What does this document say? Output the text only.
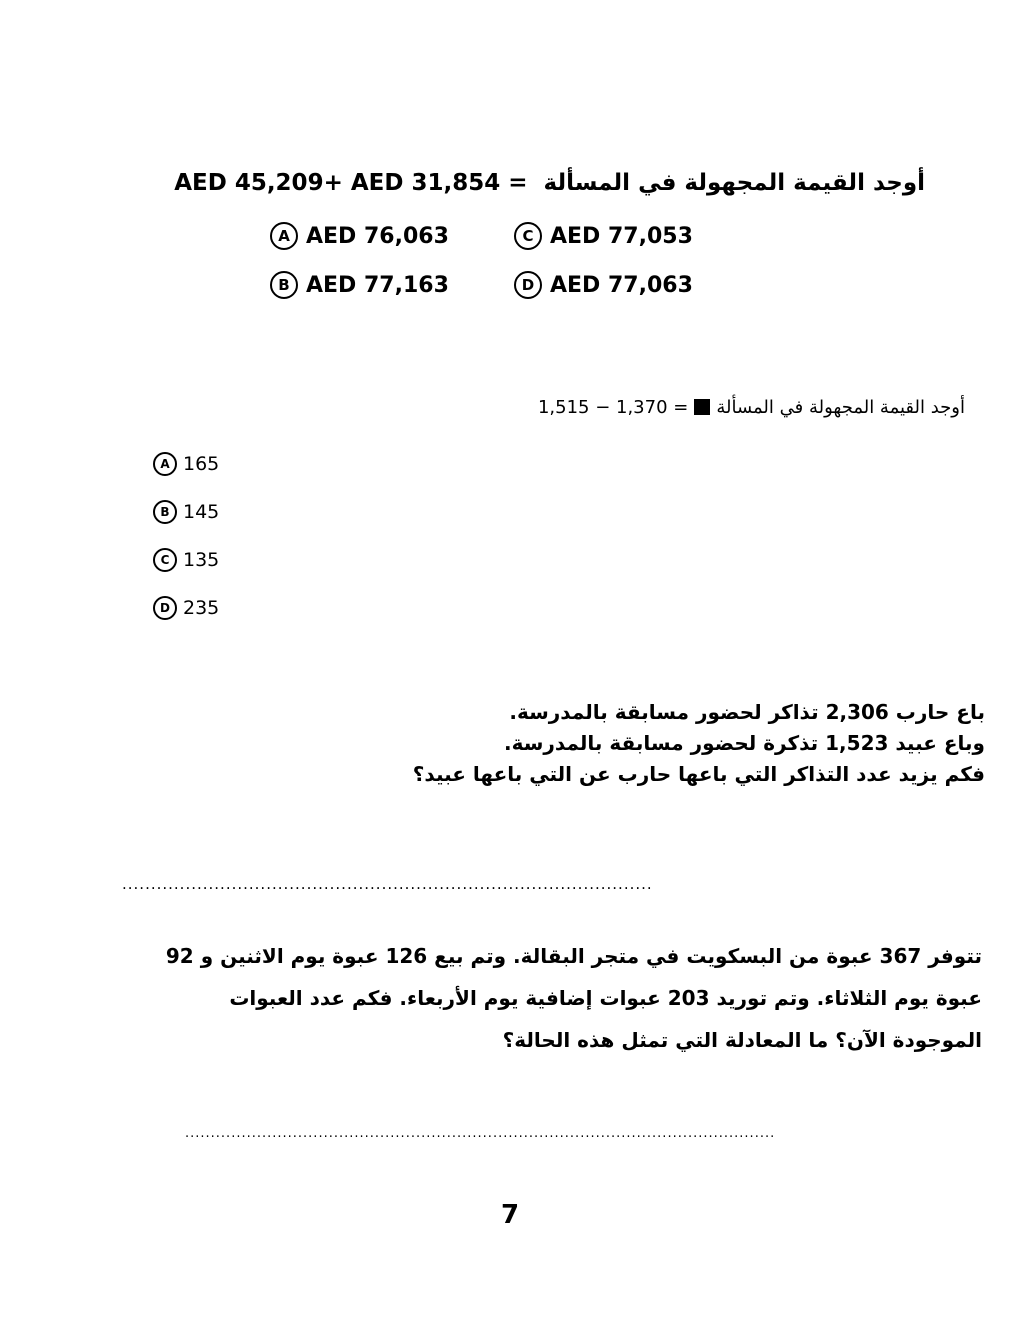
AED 45,209+ AED 31,854 = أوجد القيمة المجهولة في المسألة
A AED 76,063	C AED 77,053
B AED 77,163	D AED 77,063
1,515 − 1,370 = أوجد القيمة المجهولة في المسألة
A 165
B 145
C 135
D 235
باع حارب 2,306 تذاكر لحضور مسابقة بالمدرسة.
وباع عبيد 1,523 تذكرة لحضور مسابقة بالمدرسة.
فكم يزيد عدد التذاكر التي باعها حارب عن التي باعها عبيد؟
............................................................................................
تتوفر 367 عبوة من البسكويت في متجر البقالة. وتم بيع 126 عبوة يوم الاثنين و 92 عبوة يوم الثلاثاء. وتم توريد 203 عبوات إضافية يوم الأربعاء. فكم عدد العبوات الموجودة الآن؟ ما المعادلة التي تمثل هذه الحالة؟
...................................................................................................................
7
